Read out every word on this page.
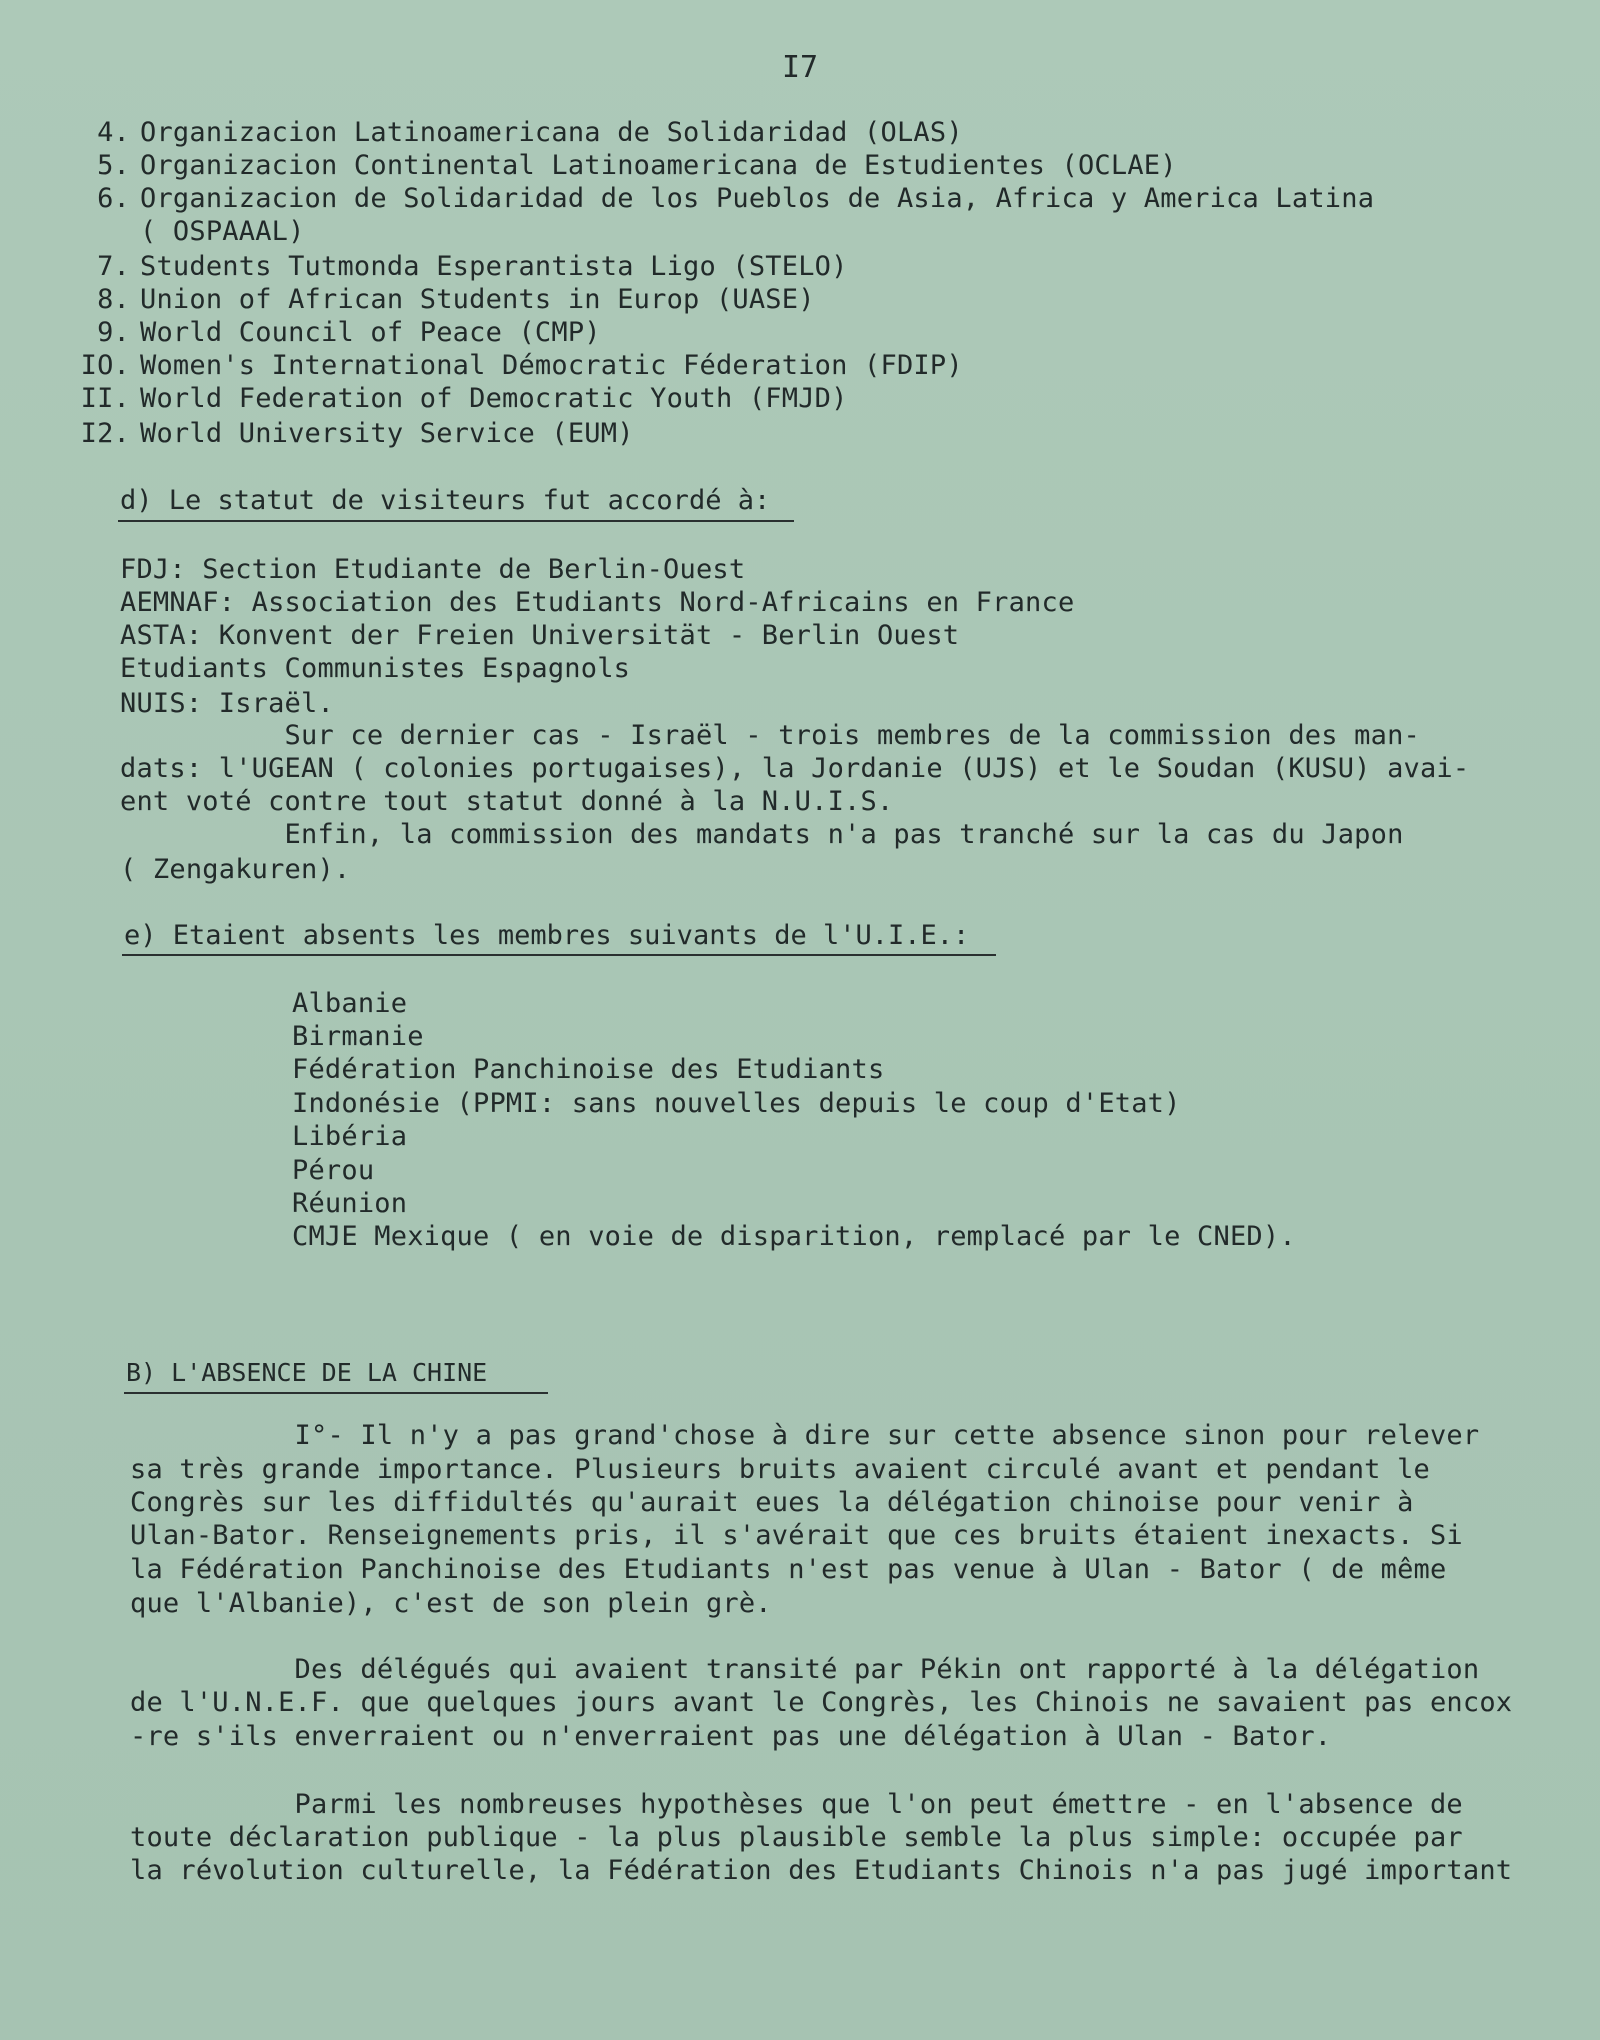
I7
4. Organizacion Latinoamericana de Solidaridad (OLAS)
5. Organizacion Continental Latinoamericana de Estudientes (OCLAE)
6. Organizacion de Solidaridad de los Pueblos de Asia, Africa y America Latina
( OSPAAAL)
7. Students Tutmonda Esperantista Ligo (STELO)
8. Union of African Students in Europ (UASE)
9. World Council of Peace (CMP)
IO. Women's International Démocratic Féderation (FDIP)
II. World Federation of Democratic Youth (FMJD)
I2. World University Service (EUM)
d) Le statut de visiteurs fut accordé à:
FDJ: Section Etudiante de Berlin-Ouest
AEMNAF: Association des Etudiants Nord-Africains en France
ASTA: Konvent der Freien Universität - Berlin Ouest
Etudiants Communistes Espagnols
NUIS: Israël.
Sur ce dernier cas - Israël - trois membres de la commission des man-
dats: l'UGEAN ( colonies portugaises), la Jordanie (UJS) et le Soudan (KUSU) avai-
ent voté contre tout statut donné à la N.U.I.S.
Enfin, la commission des mandats n'a pas tranché sur la cas du Japon
( Zengakuren).
e) Etaient absents les membres suivants de l'U.I.E.:
Albanie
Birmanie
Fédération Panchinoise des Etudiants
Indonésie (PPMI: sans nouvelles depuis le coup d'Etat)
Libéria
Pérou
Réunion
CMJE Mexique ( en voie de disparition, remplacé par le CNED).
B) L'ABSENCE DE LA CHINE
I°- Il n'y a pas grand'chose à dire sur cette absence sinon pour relever
sa très grande importance. Plusieurs bruits avaient circulé avant et pendant le
Congrès sur les diffidultés qu'aurait eues la délégation chinoise pour venir à
Ulan-Bator. Renseignements pris, il s'avérait que ces bruits étaient inexacts. Si
la Fédération Panchinoise des Etudiants n'est pas venue à Ulan - Bator ( de même
que l'Albanie), c'est de son plein grè.
Des délégués qui avaient transité par Pékin ont rapporté à la délégation
de l'U.N.E.F. que quelques jours avant le Congrès, les Chinois ne savaient pas encox
-re s'ils enverraient ou n'enverraient pas une délégation à Ulan - Bator.
Parmi les nombreuses hypothèses que l'on peut émettre - en l'absence de
toute déclaration publique - la plus plausible semble la plus simple: occupée par
la révolution culturelle, la Fédération des Etudiants Chinois n'a pas jugé important
